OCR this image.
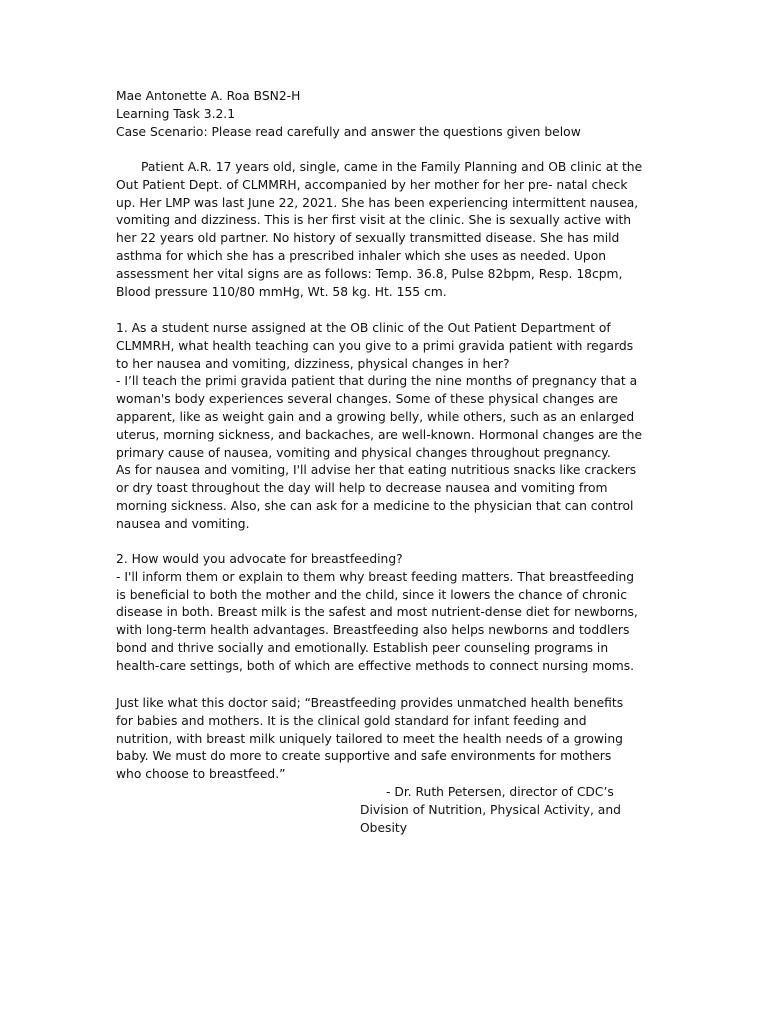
Mae Antonette A. Roa BSN2-H
Learning Task 3.2.1
Case Scenario: Please read carefully and answer the questions given below
Patient A.R. 17 years old, single, came in the Family Planning and OB clinic at the
Out Patient Dept. of CLMMRH, accompanied by her mother for her pre- natal check
up. Her LMP was last June 22, 2021. She has been experiencing intermittent nausea,
vomiting and dizziness. This is her first visit at the clinic. She is sexually active with
her 22 years old partner. No history of sexually transmitted disease. She has mild
asthma for which she has a prescribed inhaler which she uses as needed. Upon
assessment her vital signs are as follows: Temp. 36.8, Pulse 82bpm, Resp. 18cpm,
Blood pressure 110/80 mmHg, Wt. 58 kg. Ht. 155 cm.
1. As a student nurse assigned at the OB clinic of the Out Patient Department of
CLMMRH, what health teaching can you give to a primi gravida patient with regards
to her nausea and vomiting, dizziness, physical changes in her?
- I’ll teach the primi gravida patient that during the nine months of pregnancy that a
woman's body experiences several changes. Some of these physical changes are
apparent, like as weight gain and a growing belly, while others, such as an enlarged
uterus, morning sickness, and backaches, are well-known. Hormonal changes are the
primary cause of nausea, vomiting and physical changes throughout pregnancy.
As for nausea and vomiting, I'll advise her that eating nutritious snacks like crackers
or dry toast throughout the day will help to decrease nausea and vomiting from
morning sickness. Also, she can ask for a medicine to the physician that can control
nausea and vomiting.
2. How would you advocate for breastfeeding?
- I'll inform them or explain to them why breast feeding matters. That breastfeeding
is beneficial to both the mother and the child, since it lowers the chance of chronic
disease in both. Breast milk is the safest and most nutrient-dense diet for newborns,
with long-term health advantages. Breastfeeding also helps newborns and toddlers
bond and thrive socially and emotionally. Establish peer counseling programs in
health-care settings, both of which are effective methods to connect nursing moms.
Just like what this doctor said; “Breastfeeding provides unmatched health benefits
for babies and mothers. It is the clinical gold standard for infant feeding and
nutrition, with breast milk uniquely tailored to meet the health needs of a growing
baby. We must do more to create supportive and safe environments for mothers
who choose to breastfeed.”
- Dr. Ruth Petersen, director of CDC’s
Division of Nutrition, Physical Activity, and
Obesity
